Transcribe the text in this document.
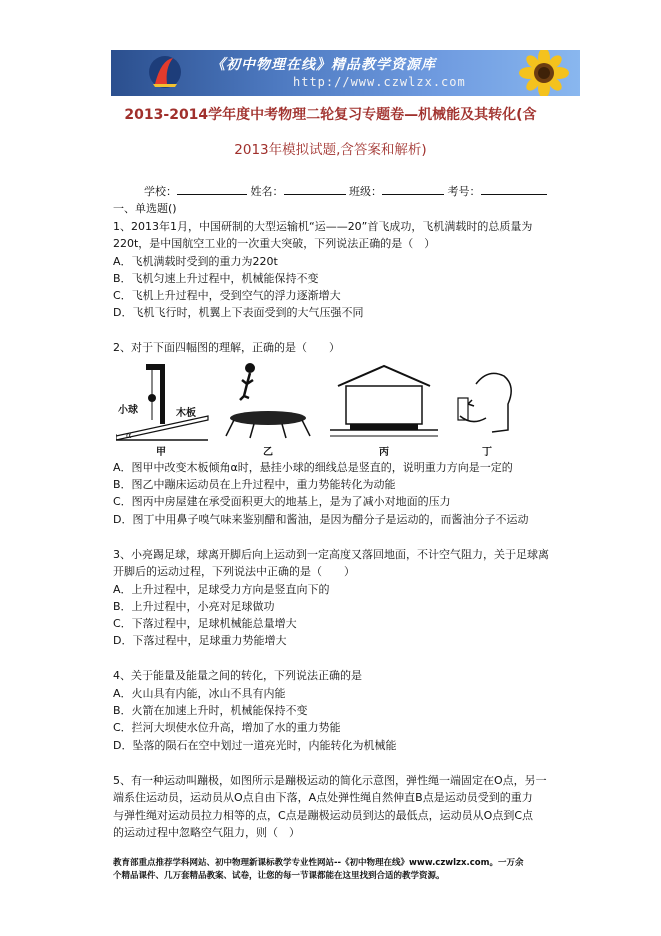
《初中物理在线》精品教学资源库
http://www.czwlzx.com
2013-2014学年度中考物理二轮复习专题卷—机械能及其转化(含
2013年模拟试题,含答案和解析)
学校：	姓名：	班级：	考号：
一、单选题()
1、2013年1月，中国研制的大型运输机“运——20”首飞成功，飞机满载时的总质量为
220t，是中国航空工业的一次重大突破，下列说法正确的是（　）
A．飞机满载时受到的重力为220t
B．飞机匀速上升过程中，机械能保持不变
C．飞机上升过程中，受到空气的浮力逐渐增大
D．飞机飞行时，机翼上下表面受到的大气压强不同
2、对于下面四幅图的理解，正确的是（　　）
小球	木板
α
甲	乙	丙	丁
A．图甲中改变木板倾角α时，悬挂小球的细线总是竖直的，说明重力方向是一定的
B．图乙中蹦床运动员在上升过程中，重力势能转化为动能
C．图丙中房屋建在承受面积更大的地基上，是为了减小对地面的压力
D．图丁中用鼻子嗅气味来鉴别醋和酱油，是因为醋分子是运动的，而酱油分子不运动
3、小亮踢足球，球离开脚后向上运动到一定高度又落回地面，不计空气阻力，关于足球离
开脚后的运动过程，下列说法中正确的是（　　）
A．上升过程中，足球受力方向是竖直向下的
B．上升过程中，小亮对足球做功
C．下落过程中，足球机械能总量增大
D．下落过程中，足球重力势能增大
4、关于能量及能量之间的转化，下列说法正确的是
A．火山具有内能，冰山不具有内能
B．火箭在加速上升时，机械能保持不变
C．拦河大坝使水位升高，增加了水的重力势能
D．坠落的陨石在空中划过一道亮光时，内能转化为机械能
5、有一种运动叫蹦极，如图所示是蹦极运动的简化示意图，弹性绳一端固定在O点，另一
端系住运动员，运动员从O点自由下落，A点处弹性绳自然伸直B点是运动员受到的重力
与弹性绳对运动员拉力相等的点，C点是蹦极运动员到达的最低点，运动员从O点到C点
的运动过程中忽略空气阻力，则（　）
教育部重点推荐学科网站、初中物理新课标教学专业性网站--《初中物理在线》www.czwlzx.com。一万余
个精品课件、几万套精品教案、试卷，让您的每一节课都能在这里找到合适的教学资源。
